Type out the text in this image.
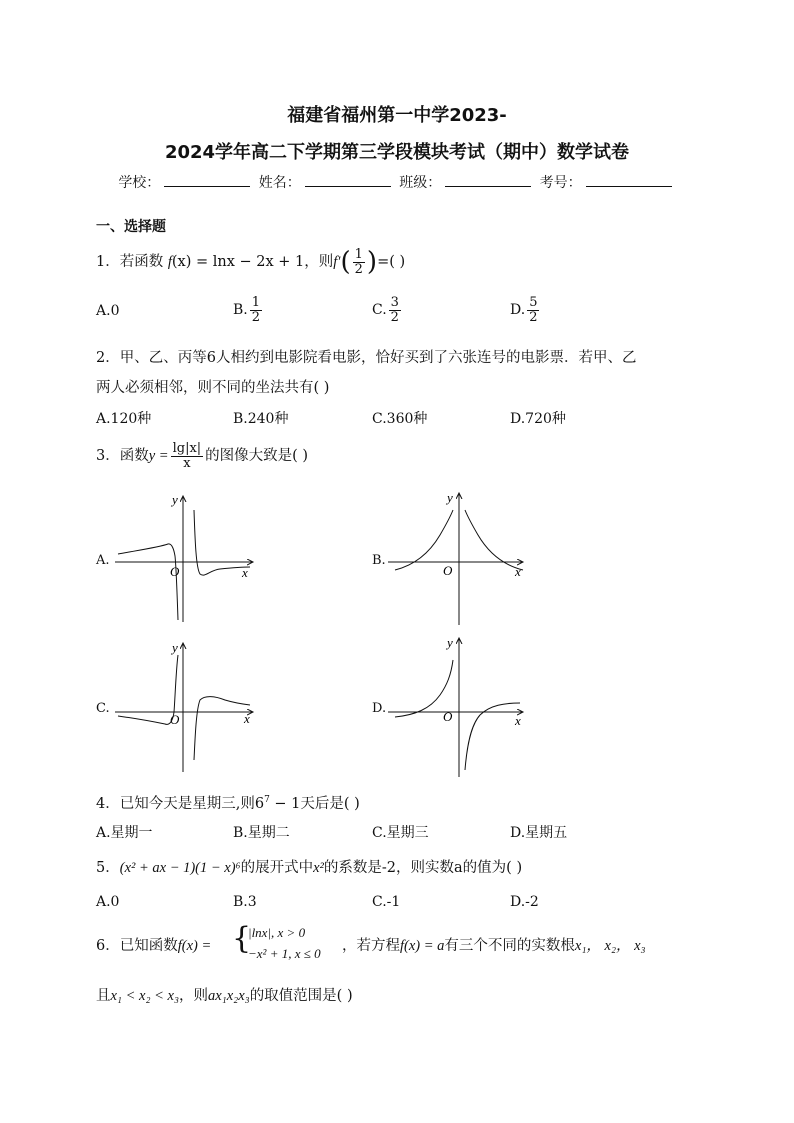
福建省福州第一中学2023-
2024学年高二下学期第三学段模块考试（期中）数学试卷
学校：	姓名：	班级：	考号：
一、选择题
1．若函数 f(x) = lnx − 2x + 1，则$f'( \frac{1}{2}$ )=( )
A.0	B. $\frac{1}{2}$	C. $\frac{3}{2}$	D. $\frac{5}{2}$
2．甲、乙、丙等6人相约到电影院看电影，恰好买到了六张连号的电影票．若甲、乙
两人必须相邻，则不同的坐法共有( )
A.120种	B.240种	C.360种	D.720种
3．函数$y = \frac{\lg|x|}{x}$ 的图像大致是( )
A.	B.
C.	D.
x
y
O	x
y
O
x
y
O	x
y
O
4．已知今天是星期三,则$6^7 - 1$天后是( )
A.星期一	B.星期二	C.星期三	D.星期五
5．(x² + ax − 1)(1 − x)⁶的展开式中x²的系数是-2，则实数a的值为( )
A.0	B.3	C.-1	D.-2
6．已知函数f(x) = {
|lnx|, x > 0
−x² + 1, x ≤ 0 ，若方程f(x) = a有三个不同的实数根x₁， x₂， x₃
且x₁ < x₂ < x₃，则ax₁x₂x₃的取值范围是( )
